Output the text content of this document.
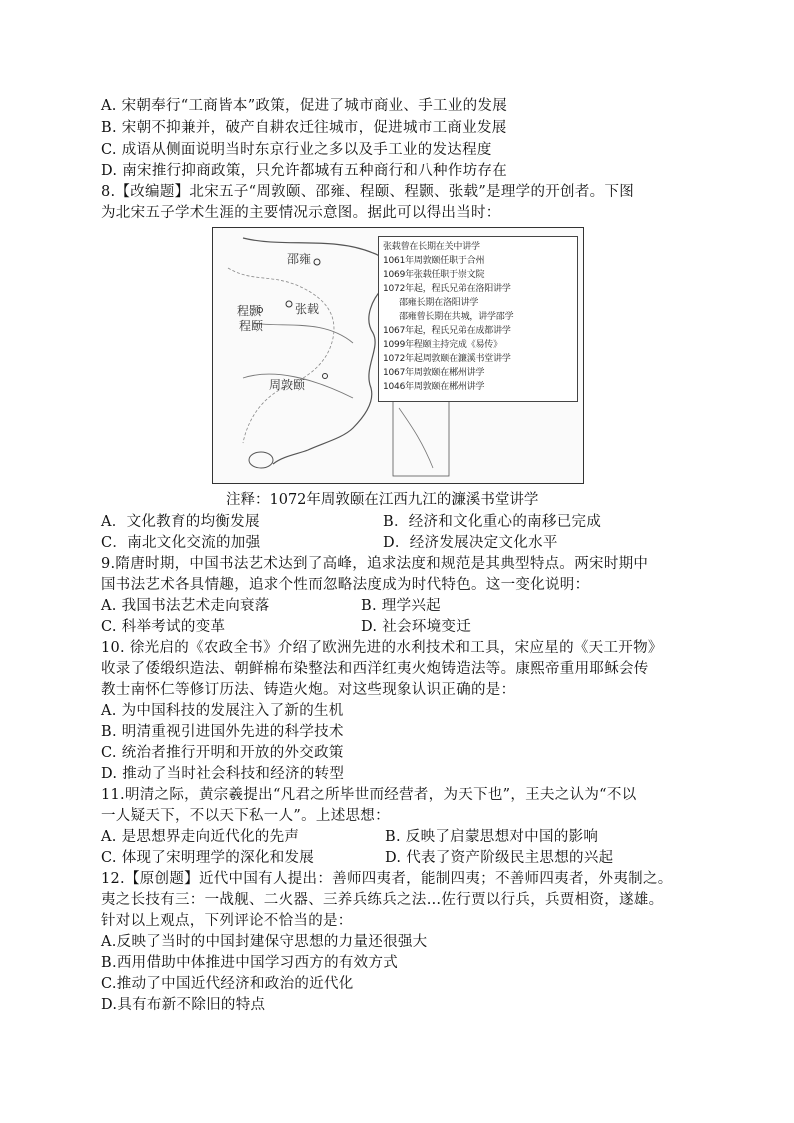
A. 宋朝奉行“工商皆本”政策，促进了城市商业、手工业的发展
B. 宋朝不抑兼并，破产自耕农迁往城市，促进城市工商业发展
C. 成语从侧面说明当时东京行业之多以及手工业的发达程度
D. 南宋推行抑商政策，只允许都城有五种商行和八种作坊存在
8.【改编题】北宋五子“周敦颐、邵雍、程颐、程颢、张载”是理学的开创者。下图
为北宋五子学术生涯的主要情况示意图。据此可以得出当时：
邵雍
程颢
程颐
张载
周敦颐
张载曾在长期在关中讲学
1061年周敦颐任职于合州
1069年张载任职于崇文院
1072年起，程氏兄弟在洛阳讲学
邵雍长期在洛阳讲学
邵雍曾长期在共城，讲学邵学
1067年起，程氏兄弟在成都讲学
1099年程颐主持完成《易传》
1072年起周敦颐在濂溪书堂讲学
1067年周敦颐在郴州讲学
1046年周敦颐在郴州讲学
注释：1072年周敦颐在江西九江的濂溪书堂讲学
A．文化教育的均衡发展	B．经济和文化重心的南移已完成
C．南北文化交流的加强	D．经济发展决定文化水平
9.隋唐时期，中国书法艺术达到了高峰，追求法度和规范是其典型特点。两宋时期中
国书法艺术各具情趣，追求个性而忽略法度成为时代特色。这一变化说明：
A. 我国书法艺术走向衰落	B. 理学兴起
C. 科举考试的变革	D. 社会环境变迁
10. 徐光启的《农政全书》介绍了欧洲先进的水利技术和工具，宋应星的《天工开物》
收录了倭缎织造法、朝鲜棉布染整法和西洋红夷火炮铸造法等。康熙帝重用耶稣会传
教士南怀仁等修订历法、铸造火炮。对这些现象认识正确的是：
A. 为中国科技的发展注入了新的生机
B. 明清重视引进国外先进的科学技术
C. 统治者推行开明和开放的外交政策
D. 推动了当时社会科技和经济的转型
11.明清之际，黄宗羲提出“凡君之所毕世而经营者，为天下也”，王夫之认为“不以
一人疑天下，不以天下私一人”。上述思想：
A. 是思想界走向近代化的先声	B. 反映了启蒙思想对中国的影响
C. 体现了宋明理学的深化和发展	D. 代表了资产阶级民主思想的兴起
12.【原创题】近代中国有人提出：善师四夷者，能制四夷；不善师四夷者，外夷制之。
夷之长技有三：一战舰、二火器、三养兵练兵之法…佐行贾以行兵，兵贾相资，遂雄。
针对以上观点，下列评论不恰当的是：
A.反映了当时的中国封建保守思想的力量还很强大
B.西用借助中体推进中国学习西方的有效方式
C.推动了中国近代经济和政治的近代化
D.具有布新不除旧的特点
